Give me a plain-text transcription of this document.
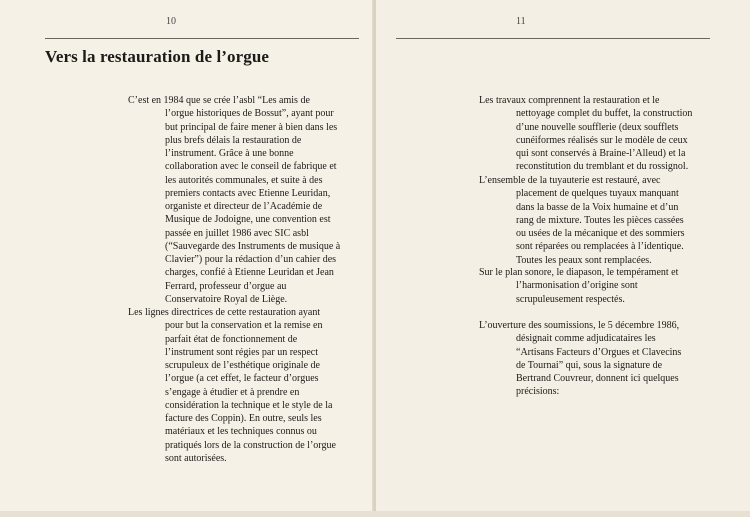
10
Vers la restauration de l’orgue

C’est en 1984 que se crée l’asbl “Les amis de
l’orgue historiques de Bossut”, ayant pour
but principal de faire mener à bien dans les
plus brefs délais la restauration de
l’instrument. Grâce à une bonne
collaboration avec le conseil de fabrique et
les autorités communales, et suite à des
premiers contacts avec Etienne Leuridan,
organiste et directeur de l’Académie de
Musique de Jodoigne, une convention est
passée en juillet 1986 avec SIC asbl
(“Sauvegarde des Instruments de musique à
Clavier”) pour la rédaction d’un cahier des
charges, confié à Etienne Leuridan et Jean
Ferrard, professeur d’orgue au
Conservatoire Royal de Liège.

Les lignes directrices de cette restauration ayant
pour but la conservation et la remise en
parfait état de fonctionnement de
l’instrument sont régies par un respect
scrupuleux de l’esthétique originale de
l’orgue (a cet effet, le facteur d’orgues
s’engage à étudier et à prendre en
considération la technique et le style de la
facture des Coppin). En outre, seuls les
matériaux et les techniques connus ou
pratiqués lors de la construction de l’orgue
sont autorisées.

11

Les travaux comprennent la restauration et le
nettoyage complet du buffet, la construction
d’une nouvelle soufflerie (deux soufflets
cunéiformes réalisés sur le modèle de ceux
qui sont conservés à Braine-l’Alleud) et la
reconstitution du tremblant et du rossignol.

L’ensemble de la tuyauterie est restauré, avec
placement de quelques tuyaux manquant
dans la basse de la Voix humaine et d’un
rang de mixture. Toutes les pièces cassées
ou usées de la mécanique et des sommiers
sont réparées ou remplacées à l’identique.
Toutes les peaux sont remplacées.

Sur le plan sonore, le diapason, le tempérament et
l’harmonisation d’origine sont
scrupuleusement respectés.

L’ouverture des soumissions, le 5 décembre 1986,
désignait comme adjudicataires les
“Artisans Facteurs d’Orgues et Clavecins
de Tournai” qui, sous la signature de
Bertrand Couvreur, donnent ici quelques
précisions:
